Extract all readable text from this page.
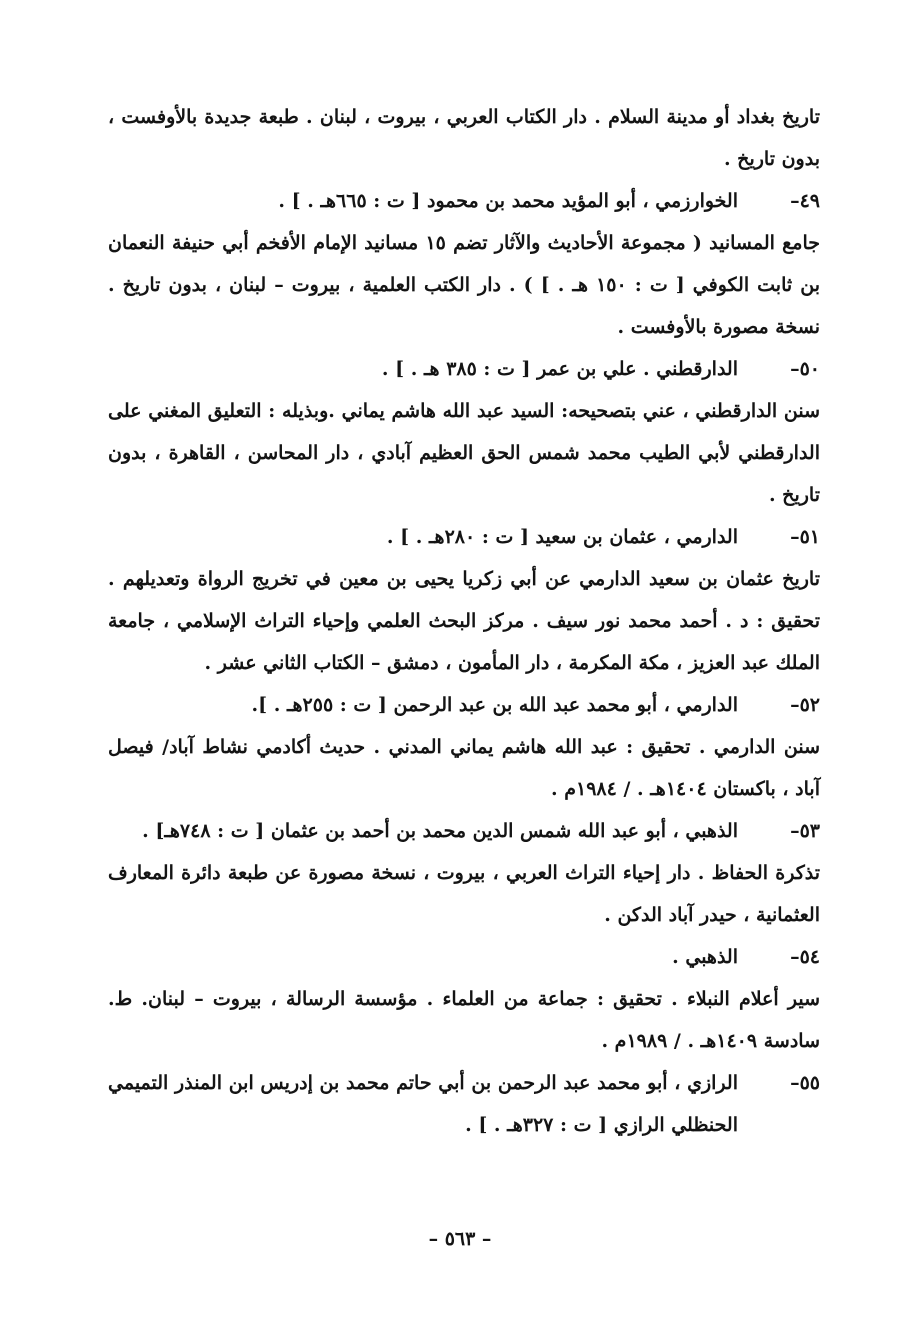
تاريخ بغداد أو مدينة السلام . دار الكتاب العربي ، بيروت ، لبنان . طبعة جديدة بالأوفست ، بدون تاريخ .

٤٩–

الخوارزمي ، أبو المؤيد محمد بن محمود [ ت : ٦٦٥هـ . ] .

جامع المسانيد ( مجموعة الأحاديث والآثار تضم ١٥ مسانيد الإمام الأفخم أبي حنيفة النعمان بن ثابت الكوفي [ ت : ١٥٠ هـ . ] ) . دار الكتب العلمية ، بيروت – لبنان ، بدون تاريخ . نسخة مصورة بالأوفست .

٥٠–

الدارقطني . علي بن عمر [ ت : ٣٨٥ هـ . ] .

سنن الدارقطني ، عني بتصحيحه: السيد عبد الله هاشم يماني .وبذيله : التعليق المغني على الدارقطني لأبي الطيب محمد شمس الحق العظيم آبادي ، دار المحاسن ، القاهرة ، بدون تاريخ .

٥١–

الدارمي ، عثمان بن سعيد [ ت : ٢٨٠هـ . ] .

تاريخ عثمان بن سعيد الدارمي عن أبي زكريا يحيى بن معين في تخريج الرواة وتعديلهم . تحقيق : د . أحمد محمد نور سيف . مركز البحث العلمي وإحياء التراث الإسلامي ، جامعة الملك عبد العزيز ، مكة المكرمة ، دار المأمون ، دمشق – الكتاب الثاني عشر .

٥٢–

الدارمي ، أبو محمد عبد الله بن عبد الرحمن [ ت : ٢٥٥هـ . ].

سنن الدارمي . تحقيق : عبد الله هاشم يماني المدني . حديث أكادمي نشاط آباد/ فيصل آباد ، باكستان ١٤٠٤هـ . / ١٩٨٤م .

٥٣–

الذهبي ، أبو عبد الله شمس الدين محمد بن أحمد بن عثمان [ ت : ٧٤٨هـ] .

تذكرة الحفاظ . دار إحياء التراث العربي ، بيروت ، نسخة مصورة عن طبعة دائرة المعارف العثمانية ، حيدر آباد الدكن .

٥٤–

الذهبي .

سير أعلام النبلاء . تحقيق : جماعة من العلماء . مؤسسة الرسالة ، بيروت – لبنان. ط. سادسة ١٤٠٩هـ . / ١٩٨٩م .

٥٥–

الرازي ، أبو محمد عبد الرحمن بن أبي حاتم محمد بن إدريس ابن المنذر التميمي الحنظلي الرازي [ ت : ٣٢٧هـ . ] .

– ٥٦٣ –
